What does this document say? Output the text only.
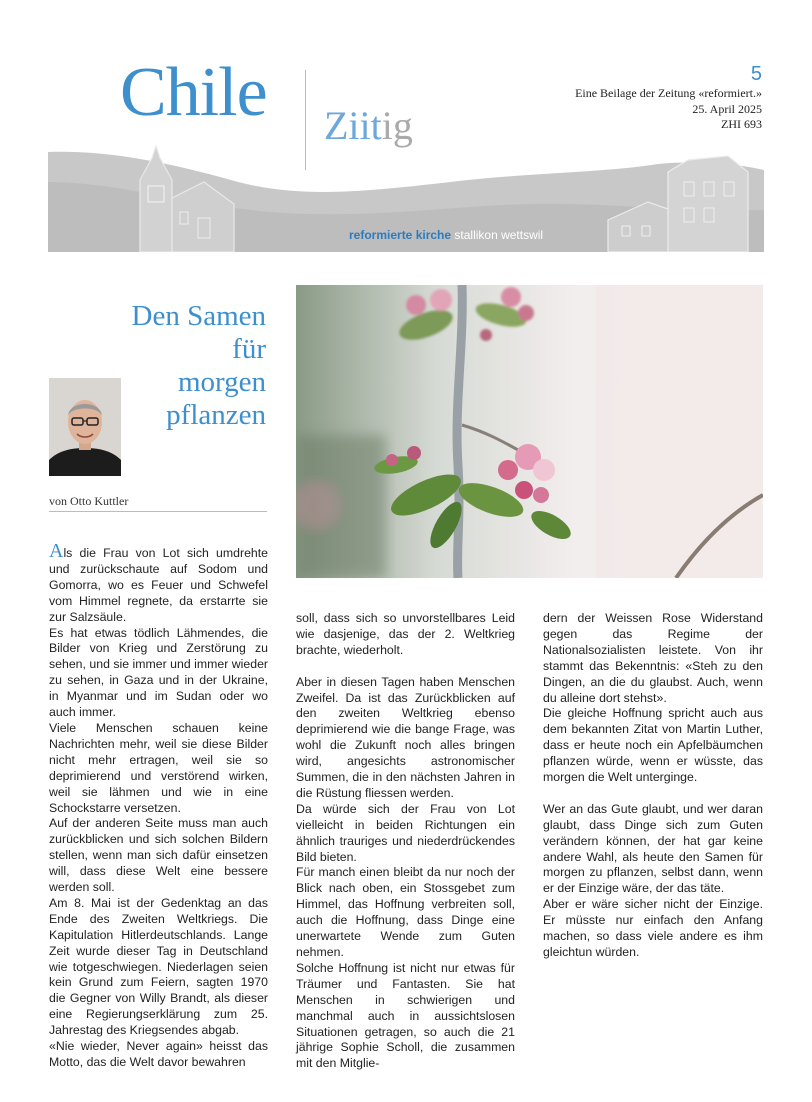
Chile Ziitig
5
Eine Beilage der Zeitung «reformiert.»
25. April 2025
ZHI 693
reformierte kirche stallikon wettswil
Den Samen
für
morgen
pflanzen
von Otto Kuttler

Als die Frau von Lot sich umdrehte und zurückschaute auf Sodom und Gomorra, wo es Feuer und Schwefel vom Himmel regnete, da erstarrte sie zur Salzsäule.

Es hat etwas tödlich Lähmendes, die Bilder von Krieg und Zerstörung zu sehen, und sie immer und immer wieder zu sehen, in Gaza und in der Ukraine, in Myanmar und im Sudan oder wo auch immer.

Viele Menschen schauen keine Nachrichten mehr, weil sie diese Bilder nicht mehr ertragen, weil sie so deprimierend und verstörend wirken, weil sie lähmen und wie in eine Schockstarre versetzen.

Auf der anderen Seite muss man auch zurückblicken und sich solchen Bildern stellen, wenn man sich dafür einsetzen will, dass diese Welt eine bessere werden soll.

Am 8. Mai ist der Gedenktag an das Ende des Zweiten Weltkriegs. Die Kapitulation Hitlerdeutschlands. Lange Zeit wurde dieser Tag in Deutschland wie totgeschwiegen. Niederlagen seien kein Grund zum Feiern, sagten 1970 die Gegner von Willy Brandt, als dieser eine Regierungserklärung zum 25. Jahrestag des Kriegsendes abgab.

«Nie wieder, Never again» heisst das Motto, das die Welt davor bewahren

soll, dass sich so unvorstellbares Leid wie dasjenige, das der 2. Weltkrieg brachte, wiederholt.

Aber in diesen Tagen haben Menschen Zweifel. Da ist das Zurückblicken auf den zweiten Weltkrieg ebenso deprimierend wie die bange Frage, was wohl die Zukunft noch alles bringen wird, angesichts astronomischer Summen, die in den nächsten Jahren in die Rüstung fliessen werden.

Da würde sich der Frau von Lot vielleicht in beiden Richtungen ein ähnlich trauriges und niederdrückendes Bild bieten.

Für manch einen bleibt da nur noch der Blick nach oben, ein Stossgebet zum Himmel, das Hoffnung verbreiten soll, auch die Hoffnung, dass Dinge eine unerwartete Wende zum Guten nehmen.

Solche Hoffnung ist nicht nur etwas für Träumer und Fantasten. Sie hat Menschen in schwierigen und manchmal auch in aussichtslosen Situationen getragen, so auch die 21 jährige Sophie Scholl, die zusammen mit den Mitglie-

dern der Weissen Rose Widerstand gegen das Regime der Nationalsozialisten leistete. Von ihr stammt das Bekenntnis: «Steh zu den Dingen, an die du glaubst. Auch, wenn du alleine dort stehst».

Die gleiche Hoffnung spricht auch aus dem bekannten Zitat von Martin Luther, dass er heute noch ein Apfelbäumchen pflanzen würde, wenn er wüsste, das morgen die Welt unterginge.

Wer an das Gute glaubt, und wer daran glaubt, dass Dinge sich zum Guten verändern können, der hat gar keine andere Wahl, als heute den Samen für morgen zu pflanzen, selbst dann, wenn er der Einzige wäre, der das täte.

Aber er wäre sicher nicht der Einzige. Er müsste nur einfach den Anfang machen, so dass viele andere es ihm gleichtun würden.
